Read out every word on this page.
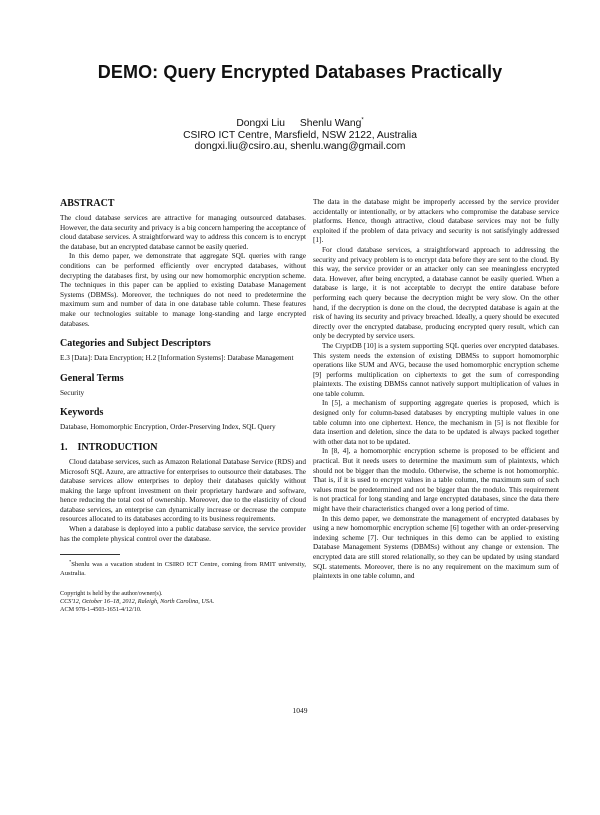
DEMO: Query Encrypted Databases Practically
Dongxi Liu Shenlu Wang*
CSIRO ICT Centre, Marsfield, NSW 2122, Australia
dongxi.liu@csiro.au, shenlu.wang@gmail.com
ABSTRACT

The cloud database services are attractive for managing outsourced databases. However, the data security and privacy is a big concern hampering the acceptance of cloud database services. A straightforward way to address this concern is to encrypt the database, but an encrypted database cannot be easily queried.

In this demo paper, we demonstrate that aggregate SQL queries with range conditions can be performed efficiently over encrypted databases, without decrypting the databases first, by using our new homomorphic encryption scheme. The techniques in this paper can be applied to existing Database Management Systems (DBMSs). Moreover, the techniques do not need to predetermine the maximum sum and number of data in one database table column. These features make our technologies suitable to manage long-standing and large encrypted databases.

Categories and Subject Descriptors

E.3 [Data]: Data Encryption; H.2 [Information Systems]: Database Management

General Terms

Security

Keywords

Database, Homomorphic Encryption, Order-Preserving Index, SQL Query

1.    INTRODUCTION

Cloud database services, such as Amazon Relational Database Service (RDS) and Microsoft SQL Azure, are attractive for enterprises to outsource their databases. The database services allow enterprises to deploy their databases quickly without making the large upfront investment on their proprietary hardware and software, hence reducing the total cost of ownership. Moreover, due to the elasticity of cloud database services, an enterprise can dynamically increase or decrease the compute resources allocated to its databases according to its business requirements.

When a database is deployed into a public database service, the service provider has the complete physical control over the database.

*Shenlu was a vacation student in CSIRO ICT Centre, coming from RMIT university, Australia.

Copyright is held by the author/owner(s).
CCS'12, October 16–18, 2012, Raleigh, North Carolina, USA.
ACM 978-1-4503-1651-4/12/10.

The data in the database might be improperly accessed by the service provider accidentally or intentionally, or by attackers who compromise the database service platforms. Hence, though attractive, cloud database services may not be fully exploited if the problem of data privacy and security is not satisfyingly addressed [1].

For cloud database services, a straightforward approach to addressing the security and privacy problem is to encrypt data before they are sent to the cloud. By this way, the service provider or an attacker only can see meaningless encrypted data. However, after being encrypted, a database cannot be easily queried. When a database is large, it is not acceptable to decrypt the entire database before performing each query because the decryption might be very slow. On the other hand, if the decryption is done on the cloud, the decrypted database is again at the risk of having its security and privacy breached. Ideally, a query should be executed directly over the encrypted database, producing encrypted query result, which can only be decrypted by service users.

The CryptDB [10] is a system supporting SQL queries over encrypted databases. This system needs the extension of existing DBMSs to support homomorphic operations like SUM and AVG, because the used homomorphic encryption scheme [9] performs multiplication on ciphertexts to get the sum of corresponding plaintexts. The existing DBMSs cannot natively support multiplication of values in one table column.

In [5], a mechanism of supporting aggregate queries is proposed, which is designed only for column-based databases by encrypting multiple values in one table column into one ciphertext. Hence, the mechanism in [5] is not flexible for data insertion and deletion, since the data to be updated is always packed together with other data not to be updated.

In [8, 4], a homomorphic encryption scheme is proposed to be efficient and practical. But it needs users to determine the maximum sum of plaintexts, which should not be bigger than the modulo. Otherwise, the scheme is not homomorphic. That is, if it is used to encrypt values in a table column, the maximum sum of such values must be predetermined and not be bigger than the modulo. This requirement is not practical for long standing and large encrypted databases, since the data there might have their characteristics changed over a long period of time.

In this demo paper, we demonstrate the management of encrypted databases by using a new homomorphic encryption scheme [6] together with an order-preserving indexing scheme [7]. Our techniques in this demo can be applied to existing Database Management Systems (DBMSs) without any change or extension. The encrypted data are still stored relationally, so they can be updated by using standard SQL statements. Moreover, there is no any requirement on the maximum sum of plaintexts in one table column, and

1049
